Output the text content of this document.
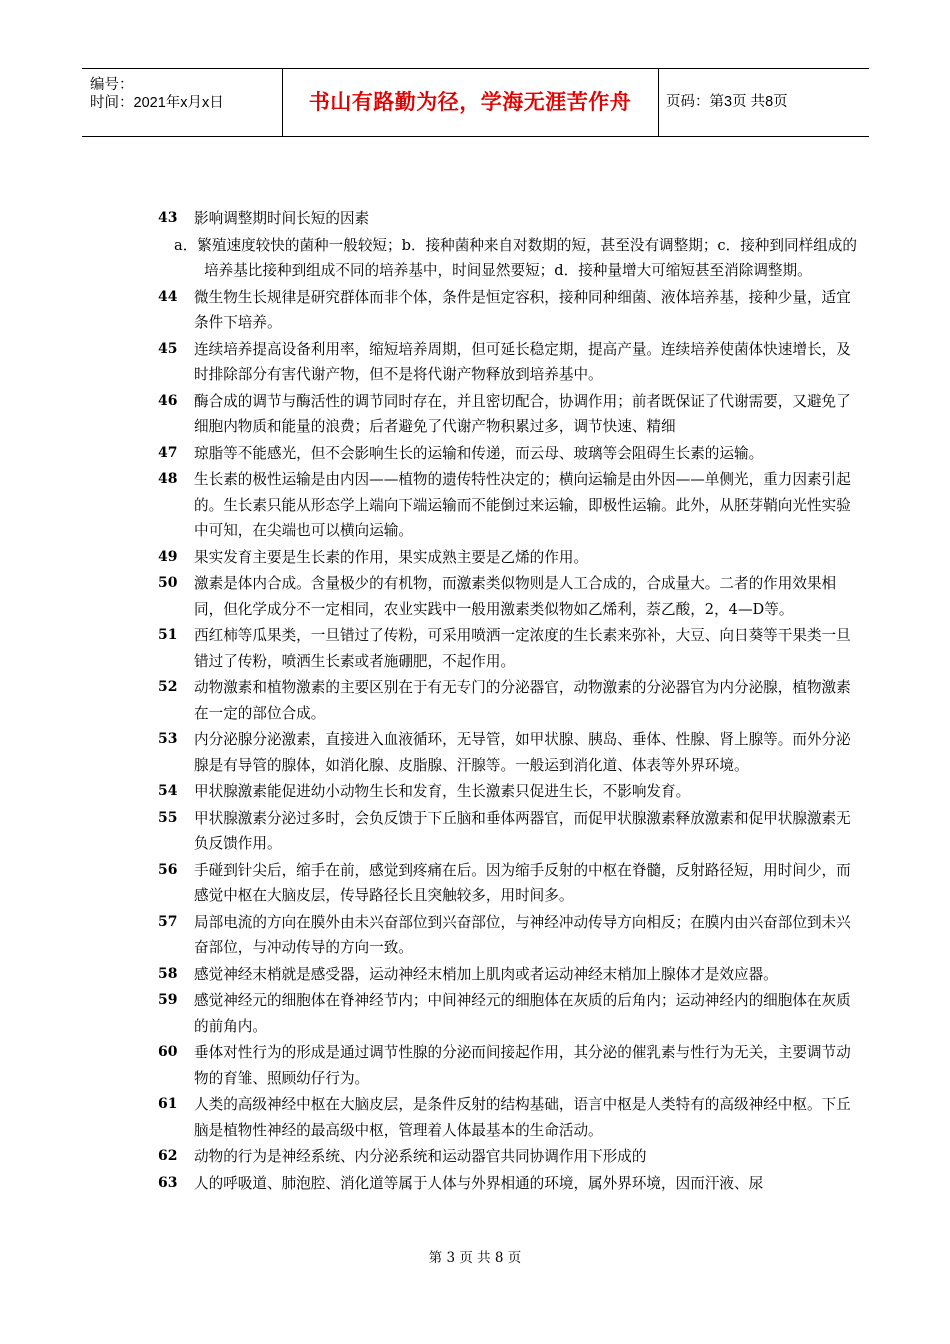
编号：
时间：2021年x月x日	书山有路勤为径，学海无涯苦作舟	页码：第3页 共8页
43 影响调整期时间长短的因素
a．繁殖速度较快的菌种一般较短；b．接种菌种来自对数期的短，甚至没有调整期；c．接种到同样组成的培养基比接种到组成不同的培养基中，时间显然要短；d．接种量增大可缩短甚至消除调整期。
44 微生物生长规律是研究群体而非个体，条件是恒定容积，接种同种细菌、液体培养基，接种少量，适宜条件下培养。
45 连续培养提高设备利用率，缩短培养周期，但可延长稳定期，提高产量。连续培养使菌体快速增长，及时排除部分有害代谢产物，但不是将代谢产物释放到培养基中。
46 酶合成的调节与酶活性的调节同时存在，并且密切配合，协调作用；前者既保证了代谢需要，又避免了细胞内物质和能量的浪费；后者避免了代谢产物积累过多，调节快速、精细
47 琼脂等不能感光，但不会影响生长的运输和传递，而云母、玻璃等会阻碍生长素的运输。
48 生长素的极性运输是由内因——植物的遗传特性决定的；横向运输是由外因——单侧光，重力因素引起的。生长素只能从形态学上端向下端运输而不能倒过来运输，即极性运输。此外，从胚芽鞘向光性实验中可知，在尖端也可以横向运输。
49 果实发育主要是生长素的作用，果实成熟主要是乙烯的作用。
50 激素是体内合成。含量极少的有机物，而激素类似物则是人工合成的，合成量大。二者的作用效果相同，但化学成分不一定相同，农业实践中一般用激素类似物如乙烯利，萘乙酸，2，4—D等。
51 西红柿等瓜果类，一旦错过了传粉，可采用喷洒一定浓度的生长素来弥补，大豆、向日葵等干果类一旦错过了传粉，喷洒生长素或者施硼肥，不起作用。
52 动物激素和植物激素的主要区别在于有无专门的分泌器官，动物激素的分泌器官为内分泌腺，植物激素在一定的部位合成。
53 内分泌腺分泌激素，直接进入血液循环，无导管，如甲状腺、胰岛、垂体、性腺、肾上腺等。而外分泌腺是有导管的腺体，如消化腺、皮脂腺、汗腺等。一般运到消化道、体表等外界环境。
54 甲状腺激素能促进幼小动物生长和发育，生长激素只促进生长，不影响发育。
55 甲状腺激素分泌过多时，会负反馈于下丘脑和垂体两器官，而促甲状腺激素释放激素和促甲状腺激素无负反馈作用。
56 手碰到针尖后，缩手在前，感觉到疼痛在后。因为缩手反射的中枢在脊髓，反射路径短，用时间少，而感觉中枢在大脑皮层，传导路径长且突触较多，用时间多。
57 局部电流的方向在膜外由未兴奋部位到兴奋部位，与神经冲动传导方向相反；在膜内由兴奋部位到未兴奋部位，与冲动传导的方向一致。
58 感觉神经末梢就是感受器，运动神经末梢加上肌肉或者运动神经末梢加上腺体才是效应器。
59 感觉神经元的细胞体在脊神经节内；中间神经元的细胞体在灰质的后角内；运动神经内的细胞体在灰质的前角内。
60 垂体对性行为的形成是通过调节性腺的分泌而间接起作用，其分泌的催乳素与性行为无关，主要调节动物的育雏、照顾幼仔行为。
61 人类的高级神经中枢在大脑皮层，是条件反射的结构基础，语言中枢是人类特有的高级神经中枢。下丘脑是植物性神经的最高级中枢，管理着人体最基本的生命活动。
62 动物的行为是神经系统、内分泌系统和运动器官共同协调作用下形成的
63 人的呼吸道、肺泡腔、消化道等属于人体与外界相通的环境，属外界环境，因而汗液、尿
第 3 页 共 8 页
